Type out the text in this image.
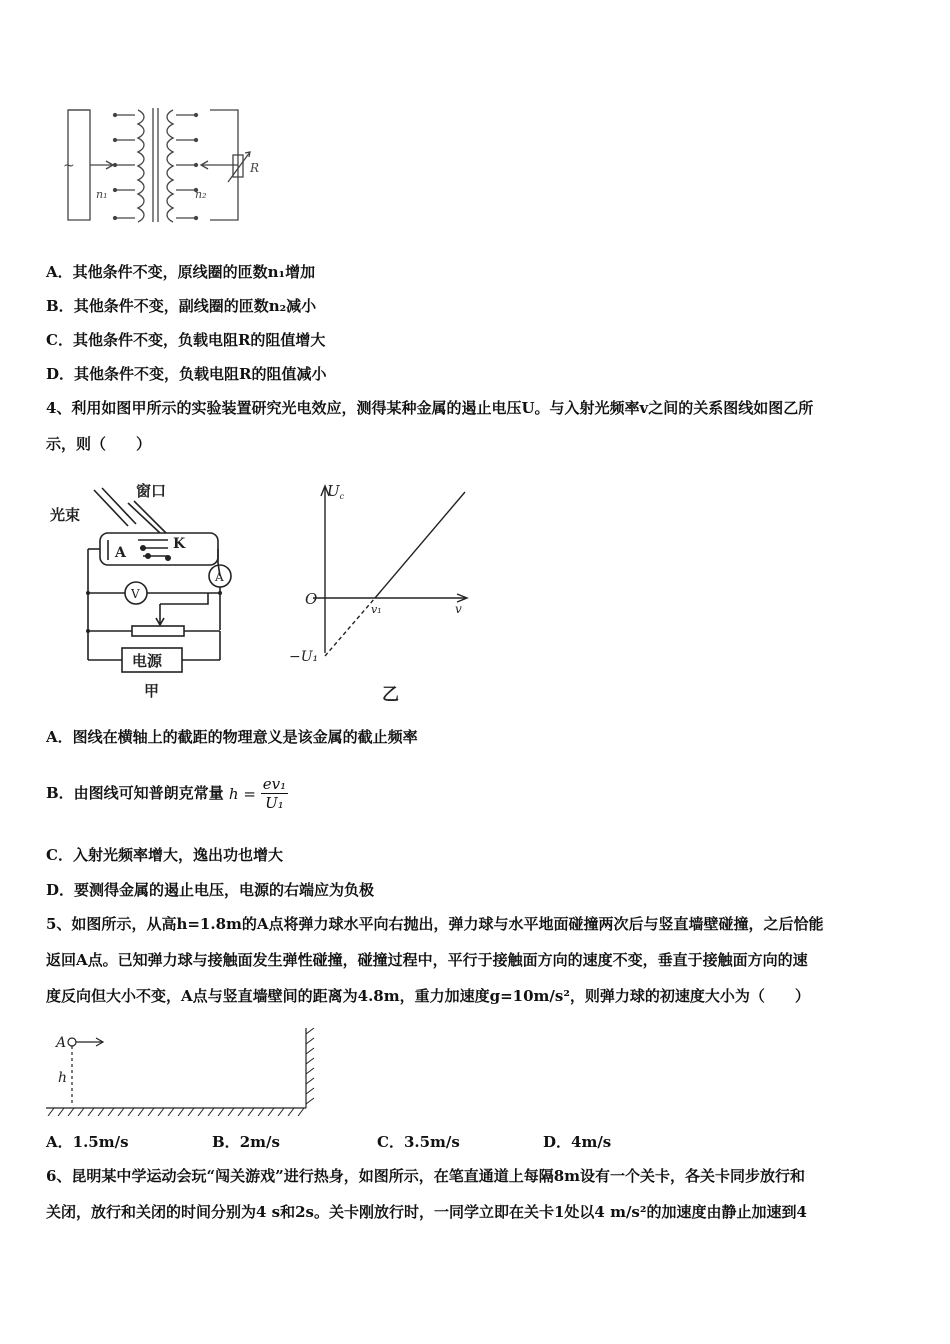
~
n₁	n₂
R
A．其他条件不变，原线圈的匝数n₁增加
B．其他条件不变，副线圈的匝数n₂减小
C．其他条件不变，负载电阻R的阻值增大
D．其他条件不变，负载电阻R的阻值减小
4、利用如图甲所示的实验装置研究光电效应，测得某种金属的遏止电压U。与入射光频率v之间的关系图线如图乙所
示，则（　　）
窗口
光束
A
K
A
V
电源
甲
$U_c$
O
v₁	v
−U₁
乙
A．图线在横轴上的截距的物理意义是该金属的截止频率
B．由图线可知普朗克常量 $h = \frac{\text{ev₁}}{\text{U₁}}$
C．入射光频率增大，逸出功也增大
D．要测得金属的遏止电压，电源的右端应为负极
5、如图所示，从高h=1.8m的A点将弹力球水平向右抛出，弹力球与水平地面碰撞两次后与竖直墙壁碰撞，之后恰能
返回A点。已知弹力球与接触面发生弹性碰撞，碰撞过程中，平行于接触面方向的速度不变，垂直于接触面方向的速
度反向但大小不变，A点与竖直墙壁间的距离为4.8m，重力加速度g=10m/s²，则弹力球的初速度大小为（　　）
A
h
A．1.5m/s	B．2m/s	C．3.5m/s	D．4m/s
6、昆明某中学运动会玩“闯关游戏”进行热身，如图所示，在笔直通道上每隔8m设有一个关卡，各关卡同步放行和
关闭，放行和关闭的时间分别为4 s和2s。关卡刚放行时，一同学立即在关卡1处以4 m/s²的加速度由静止加速到4
